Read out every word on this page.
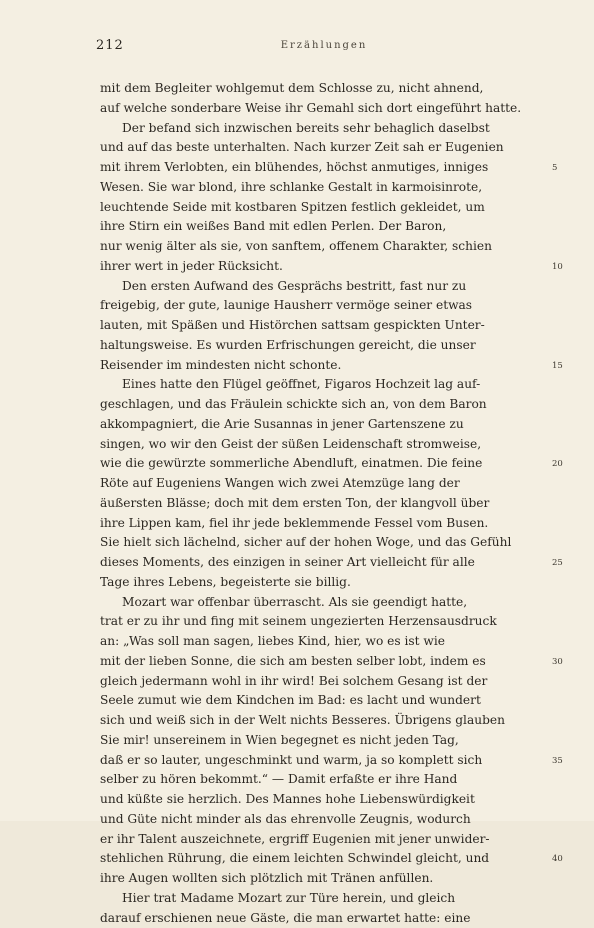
212	Erzählungen
mit dem Begleiter wohlgemut dem Schlosse zu, nicht ahnend,
auf welche sonderbare Weise ihr Gemahl sich dort eingeführt hatte.
Der befand sich inzwischen bereits sehr behaglich daselbst
und auf das beste unterhalten. Nach kurzer Zeit sah er Eugenien
mit ihrem Verlobten, ein blühendes, höchst anmutiges, inniges
Wesen. Sie war blond, ihre schlanke Gestalt in karmoisinrote,
leuchtende Seide mit kostbaren Spitzen festlich gekleidet, um
ihre Stirn ein weißes Band mit edlen Perlen. Der Baron,
nur wenig älter als sie, von sanftem, offenem Charakter, schien
ihrer wert in jeder Rücksicht.
Den ersten Aufwand des Gesprächs bestritt, fast nur zu
freigebig, der gute, launige Hausherr vermöge seiner etwas
lauten, mit Späßen und Histörchen sattsam gespickten Unter-
haltungsweise. Es wurden Erfrischungen gereicht, die unser
Reisender im mindesten nicht schonte.
Eines hatte den Flügel geöffnet, Figaros Hochzeit lag auf-
geschlagen, und das Fräulein schickte sich an, von dem Baron
akkompagniert, die Arie Susannas in jener Gartenszene zu
singen, wo wir den Geist der süßen Leidenschaft stromweise,
wie die gewürzte sommerliche Abendluft, einatmen. Die feine
Röte auf Eugeniens Wangen wich zwei Atemzüge lang der
äußersten Blässe; doch mit dem ersten Ton, der klangvoll über
ihre Lippen kam, fiel ihr jede beklemmende Fessel vom Busen.
Sie hielt sich lächelnd, sicher auf der hohen Woge, und das Gefühl
dieses Moments, des einzigen in seiner Art vielleicht für alle
Tage ihres Lebens, begeisterte sie billig.
Mozart war offenbar überrascht. Als sie geendigt hatte,
trat er zu ihr und fing mit seinem ungezierten Herzensausdruck
an: „Was soll man sagen, liebes Kind, hier, wo es ist wie
mit der lieben Sonne, die sich am besten selber lobt, indem es
gleich jedermann wohl in ihr wird! Bei solchem Gesang ist der
Seele zumut wie dem Kindchen im Bad: es lacht und wundert
sich und weiß sich in der Welt nichts Besseres. Übrigens glauben
Sie mir! unsereinem in Wien begegnet es nicht jeden Tag,
daß er so lauter, ungeschminkt und warm, ja so komplett sich
selber zu hören bekommt.“ — Damit erfaßte er ihre Hand
und küßte sie herzlich. Des Mannes hohe Liebenswürdigkeit
und Güte nicht minder als das ehrenvolle Zeugnis, wodurch
er ihr Talent auszeichnete, ergriff Eugenien mit jener unwider-
stehlichen Rührung, die einem leichten Schwindel gleicht, und
ihre Augen wollten sich plötzlich mit Tränen anfüllen.
Hier trat Madame Mozart zur Türe herein, und gleich
darauf erschienen neue Gäste, die man erwartet hatte: eine
5
10
15
20
25
30
35
40
